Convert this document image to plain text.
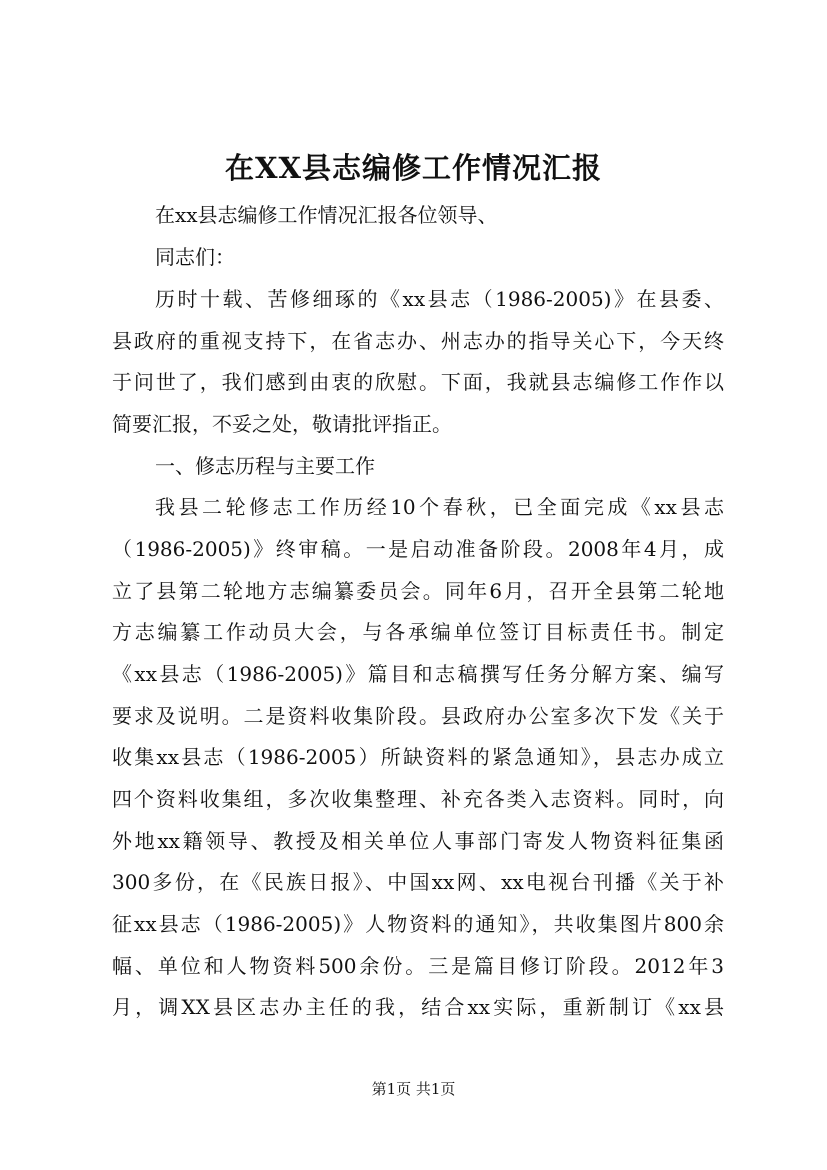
在XX县志编修工作情况汇报
在xx县志编修工作情况汇报各位领导、
同志们：
历时十载、苦修细琢的《xx县志（1986-2005)》在县委、
县政府的重视支持下，在省志办、州志办的指导关心下，今天终
于问世了，我们感到由衷的欣慰。下面，我就县志编修工作作以
简要汇报，不妥之处，敬请批评指正。
一、修志历程与主要工作
我县二轮修志工作历经10个春秋，已全面完成《xx县志
（1986-2005)》终审稿。一是启动准备阶段。2008年4月，成
立了县第二轮地方志编纂委员会。同年6月，召开全县第二轮地
方志编纂工作动员大会，与各承编单位签订目标责任书。制定
《xx县志（1986-2005)》篇目和志稿撰写任务分解方案、编写
要求及说明。二是资料收集阶段。县政府办公室多次下发《关于
收集xx县志（1986-2005）所缺资料的紧急通知》，县志办成立
四个资料收集组，多次收集整理、补充各类入志资料。同时，向
外地xx籍领导、教授及相关单位人事部门寄发人物资料征集函
300多份，在《民族日报》、中国xx网、xx电视台刊播《关于补
征xx县志（1986-2005)》人物资料的通知》，共收集图片800余
幅、单位和人物资料500余份。三是篇目修订阶段。2012年3
月，调XX县区志办主任的我，结合xx实际，重新制订《xx县
第1页 共1页
